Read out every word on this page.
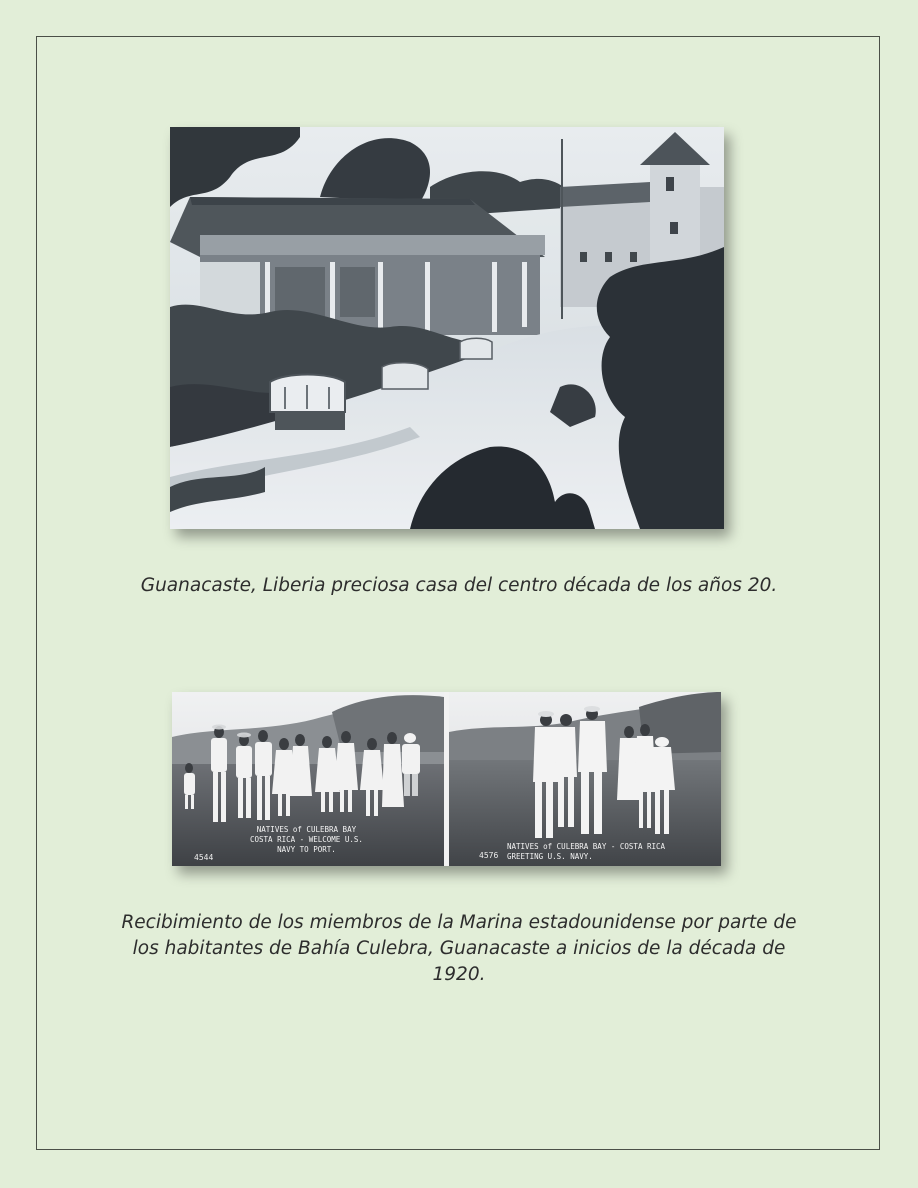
Guanacaste, Liberia preciosa casa del centro década de los años 20.

NATIVES of CULEBRA BAY
COSTA RICA - WELCOME U.S.
NAVY TO PORT.
4544
NATIVES of CULEBRA BAY - COSTA RICA
GREETING U.S. NAVY.
4576

Recibimiento de los miembros de la Marina estadounidense por parte de los habitantes de Bahía Culebra, Guanacaste a inicios de la década de 1920.
